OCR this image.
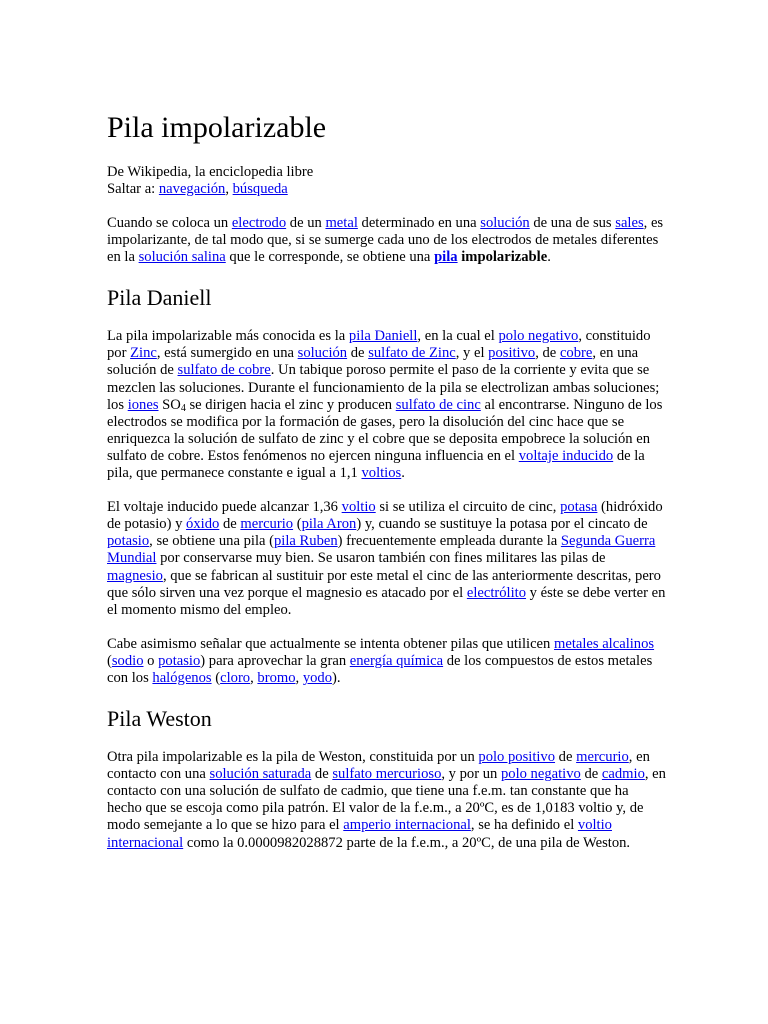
Pila impolarizable
De Wikipedia, la enciclopedia libre
Saltar a: navegación, búsqueda

Cuando se coloca un electrodo de un metal determinado en una solución de una de sus sales, es impolarizante, de tal modo que, si se sumerge cada uno de los electrodos de metales diferentes en la solución salina que le corresponde, se obtiene una pila impolarizable.

Pila Daniell

La pila impolarizable más conocida es la pila Daniell, en la cual el polo negativo, constituido por Zinc, está sumergido en una solución de sulfato de Zinc, y el positivo, de cobre, en una solución de sulfato de cobre. Un tabique poroso permite el paso de la corriente y evita que se mezclen las soluciones. Durante el funcionamiento de la pila se electrolizan ambas soluciones; los iones $SO_4$ se dirigen hacia el zinc y producen sulfato de cinc al encontrarse. Ninguno de los electrodos se modifica por la formación de gases, pero la disolución del cinc hace que se enriquezca la solución de sulfato de zinc y el cobre que se deposita empobrece la solución en sulfato de cobre. Estos fenómenos no ejercen ninguna influencia en el voltaje inducido de la pila, que permanece constante e igual a 1,1 voltios.

El voltaje inducido puede alcanzar 1,36 voltio si se utiliza el circuito de cinc, potasa (hidróxido de potasio) y óxido de mercurio (pila Aron) y, cuando se sustituye la potasa por el cincato de potasio, se obtiene una pila (pila Ruben) frecuentemente empleada durante la Segunda Guerra Mundial por conservarse muy bien. Se usaron también con fines militares las pilas de magnesio, que se fabrican al sustituir por este metal el cinc de las anteriormente descritas, pero que sólo sirven una vez porque el magnesio es atacado por el electrólito y éste se debe verter en el momento mismo del empleo.

Cabe asimismo señalar que actualmente se intenta obtener pilas que utilicen metales alcalinos (sodio o potasio) para aprovechar la gran energía química de los compuestos de estos metales con los halógenos (cloro, bromo, yodo).

Pila Weston

Otra pila impolarizable es la pila de Weston, constituida por un polo positivo de mercurio, en contacto con una solución saturada de sulfato mercurioso, y por un polo negativo de cadmio, en contacto con una solución de sulfato de cadmio, que tiene una f.e.m. tan constante que ha hecho que se escoja como pila patrón. El valor de la f.e.m., a 20ºC, es de 1,0183 voltio y, de modo semejante a lo que se hizo para el amperio internacional, se ha definido el voltio internacional como la 0.0000982028872 parte de la f.e.m., a 20ºC, de una pila de Weston.
